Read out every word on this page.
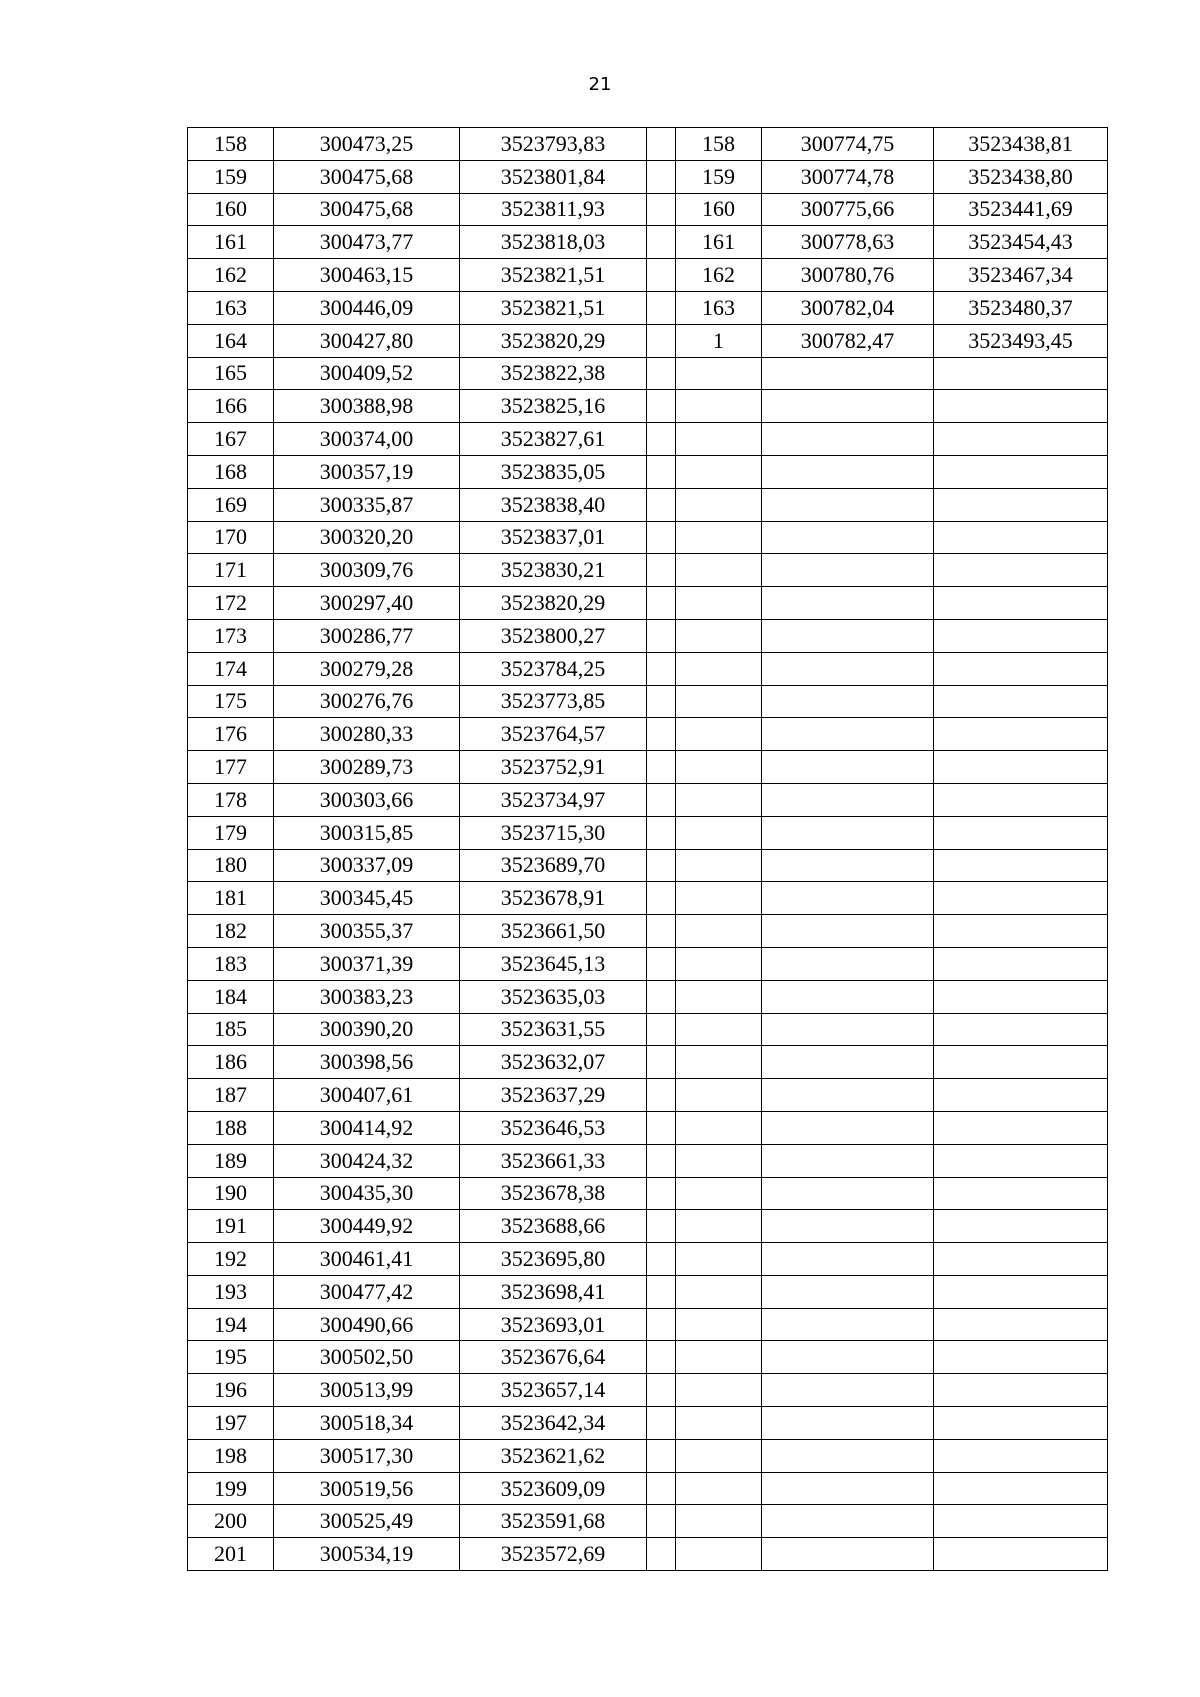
21
158	300473,25	3523793,83		158	300774,75	3523438,81
159	300475,68	3523801,84		159	300774,78	3523438,80
160	300475,68	3523811,93		160	300775,66	3523441,69
161	300473,77	3523818,03		161	300778,63	3523454,43
162	300463,15	3523821,51		162	300780,76	3523467,34
163	300446,09	3523821,51		163	300782,04	3523480,37
164	300427,80	3523820,29		1	300782,47	3523493,45
165	300409,52	3523822,38				
166	300388,98	3523825,16				
167	300374,00	3523827,61				
168	300357,19	3523835,05				
169	300335,87	3523838,40				
170	300320,20	3523837,01				
171	300309,76	3523830,21				
172	300297,40	3523820,29				
173	300286,77	3523800,27				
174	300279,28	3523784,25				
175	300276,76	3523773,85				
176	300280,33	3523764,57				
177	300289,73	3523752,91				
178	300303,66	3523734,97				
179	300315,85	3523715,30				
180	300337,09	3523689,70				
181	300345,45	3523678,91				
182	300355,37	3523661,50				
183	300371,39	3523645,13				
184	300383,23	3523635,03				
185	300390,20	3523631,55				
186	300398,56	3523632,07				
187	300407,61	3523637,29				
188	300414,92	3523646,53				
189	300424,32	3523661,33				
190	300435,30	3523678,38				
191	300449,92	3523688,66				
192	300461,41	3523695,80				
193	300477,42	3523698,41				
194	300490,66	3523693,01				
195	300502,50	3523676,64				
196	300513,99	3523657,14				
197	300518,34	3523642,34				
198	300517,30	3523621,62				
199	300519,56	3523609,09				
200	300525,49	3523591,68				
201	300534,19	3523572,69				
